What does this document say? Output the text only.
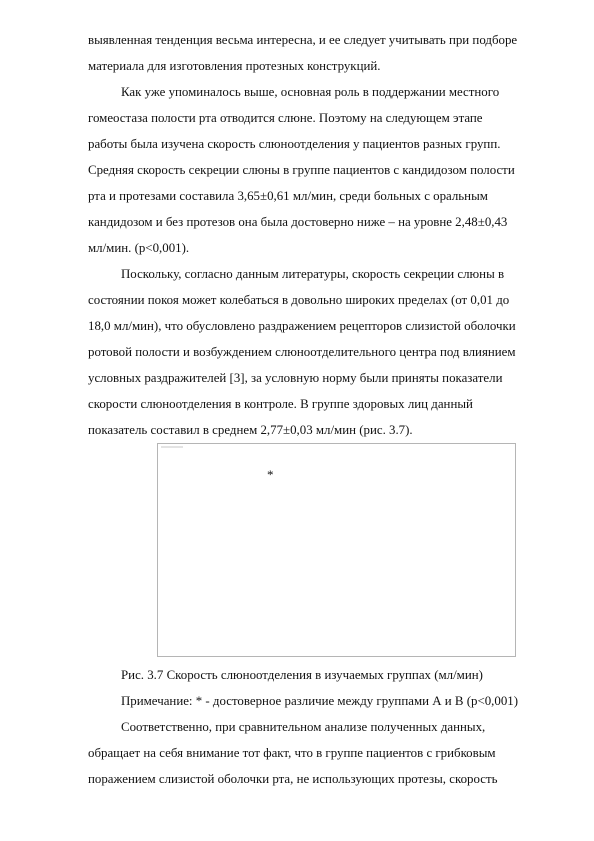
выявленная тенденция весьма интересна, и ее следует учитывать при подборе
материала для изготовления протезных конструкций.
Как уже упоминалось выше, основная роль в поддержании местного
гомеостаза полости рта отводится слюне. Поэтому на следующем этапе
работы была изучена скорость слюноотделения у пациентов разных групп.
Средняя скорость секреции слюны в группе пациентов с кандидозом полости
рта и протезами составила 3,65±0,61 мл/мин, среди больных с оральным
кандидозом и без протезов она была достоверно ниже – на уровне 2,48±0,43
мл/мин. (р<0,001).
Поскольку, согласно данным литературы, скорость секреции слюны в
состоянии покоя может колебаться в довольно широких пределах (от 0,01 до
18,0 мл/мин), что обусловлено раздражением рецепторов слизистой оболочки
ротовой полости и возбуждением слюноотделительного центра под влиянием
условных раздражителей [3], за условную норму были приняты показатели
скорости слюноотделения в контроле. В группе здоровых лиц данный
показатель составил в среднем 2,77±0,03 мл/мин (рис. 3.7).
*
Рис. 3.7 Скорость слюноотделения в изучаемых группах (мл/мин)
Примечание: * - достоверное различие между группами А и В (р<0,001)
Соответственно, при сравнительном анализе полученных данных,
обращает на себя внимание тот факт, что в группе пациентов с грибковым
поражением слизистой оболочки рта, не использующих протезы, скорость
